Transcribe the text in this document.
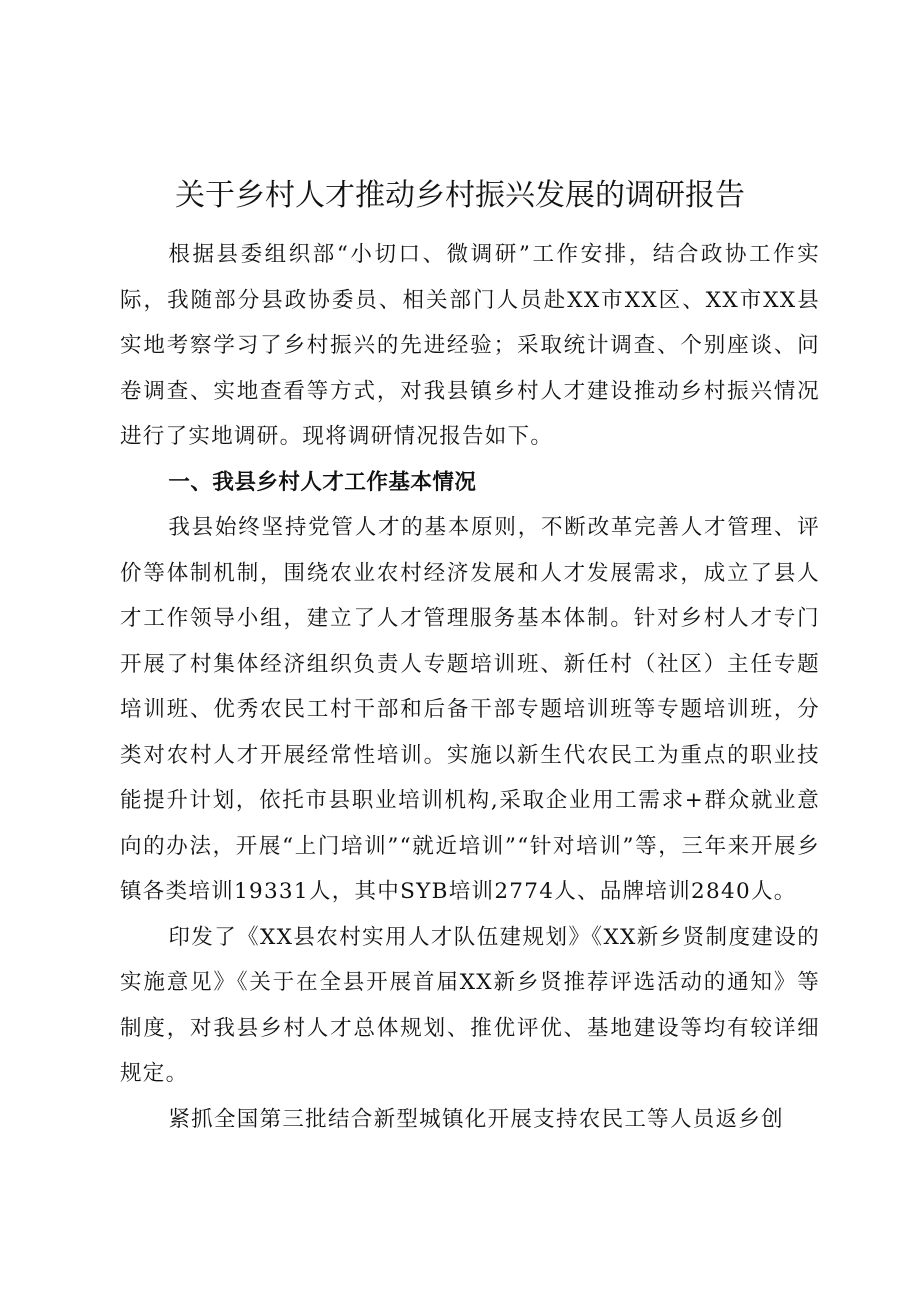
关于乡村人才推动乡村振兴发展的调研报告

根据县委组织部“小切口、微调研”工作安排，结合政协工作实际，我随部分县政协委员、相关部门人员赴XX市XX区、XX市XX县实地考察学习了乡村振兴的先进经验；采取统计调查、个别座谈、问卷调查、实地查看等方式，对我县镇乡村人才建设推动乡村振兴情况进行了实地调研。现将调研情况报告如下。

一、我县乡村人才工作基本情况

我县始终坚持党管人才的基本原则，不断改革完善人才管理、评价等体制机制，围绕农业农村经济发展和人才发展需求，成立了县人才工作领导小组，建立了人才管理服务基本体制。针对乡村人才专门开展了村集体经济组织负责人专题培训班、新任村（社区）主任专题培训班、优秀农民工村干部和后备干部专题培训班等专题培训班，分类对农村人才开展经常性培训。实施以新生代农民工为重点的职业技能提升计划，依托市县职业培训机构,采取企业用工需求+群众就业意向的办法，开展“上门培训”“就近培训”“针对培训”等，三年来开展乡镇各类培训19331人，其中SYB培训2774人、品牌培训2840人。

印发了《XX县农村实用人才队伍建规划》《XX新乡贤制度建设的实施意见》《关于在全县开展首届XX新乡贤推荐评选活动的通知》等制度，对我县乡村人才总体规划、推优评优、基地建设等均有较详细规定。

紧抓全国第三批结合新型城镇化开展支持农民工等人员返乡创
